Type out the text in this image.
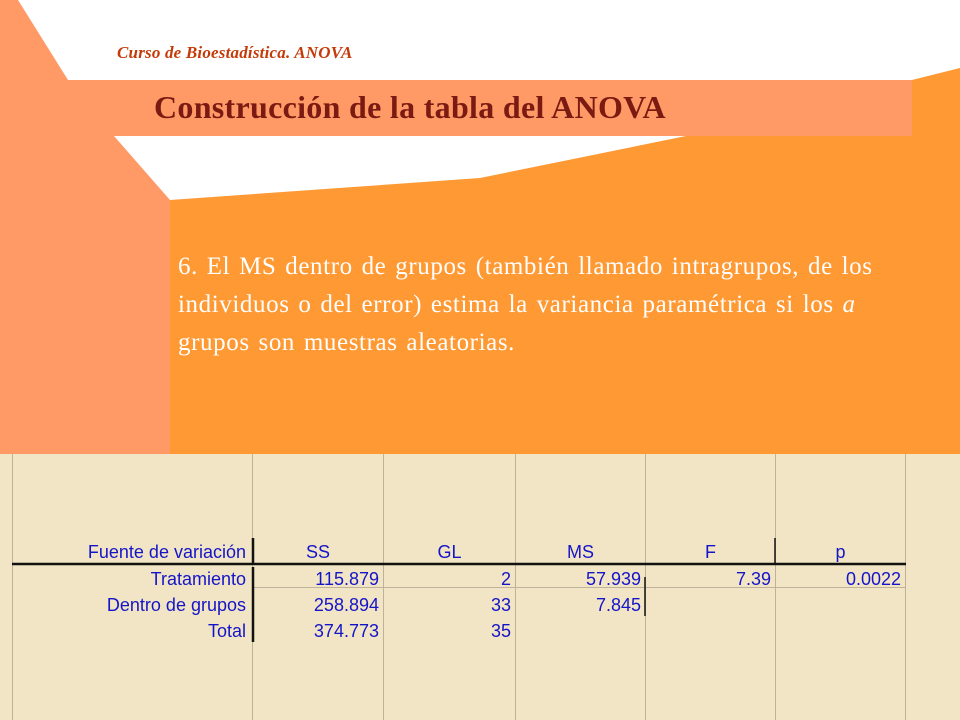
Curso de Bioestadística. ANOVA
Construcción de la tabla del ANOVA
6. El MS dentro de grupos (también llamado intragrupos, de los individuos o del error) estima la variancia paramétrica si los a grupos son muestras aleatorias.
Fuente de variación	SS	GL	MS	F	p
Tratamiento	115.879	2	57.939	7.39	0.0022
Dentro de grupos	258.894	33	7.845
Total	374.773	35
